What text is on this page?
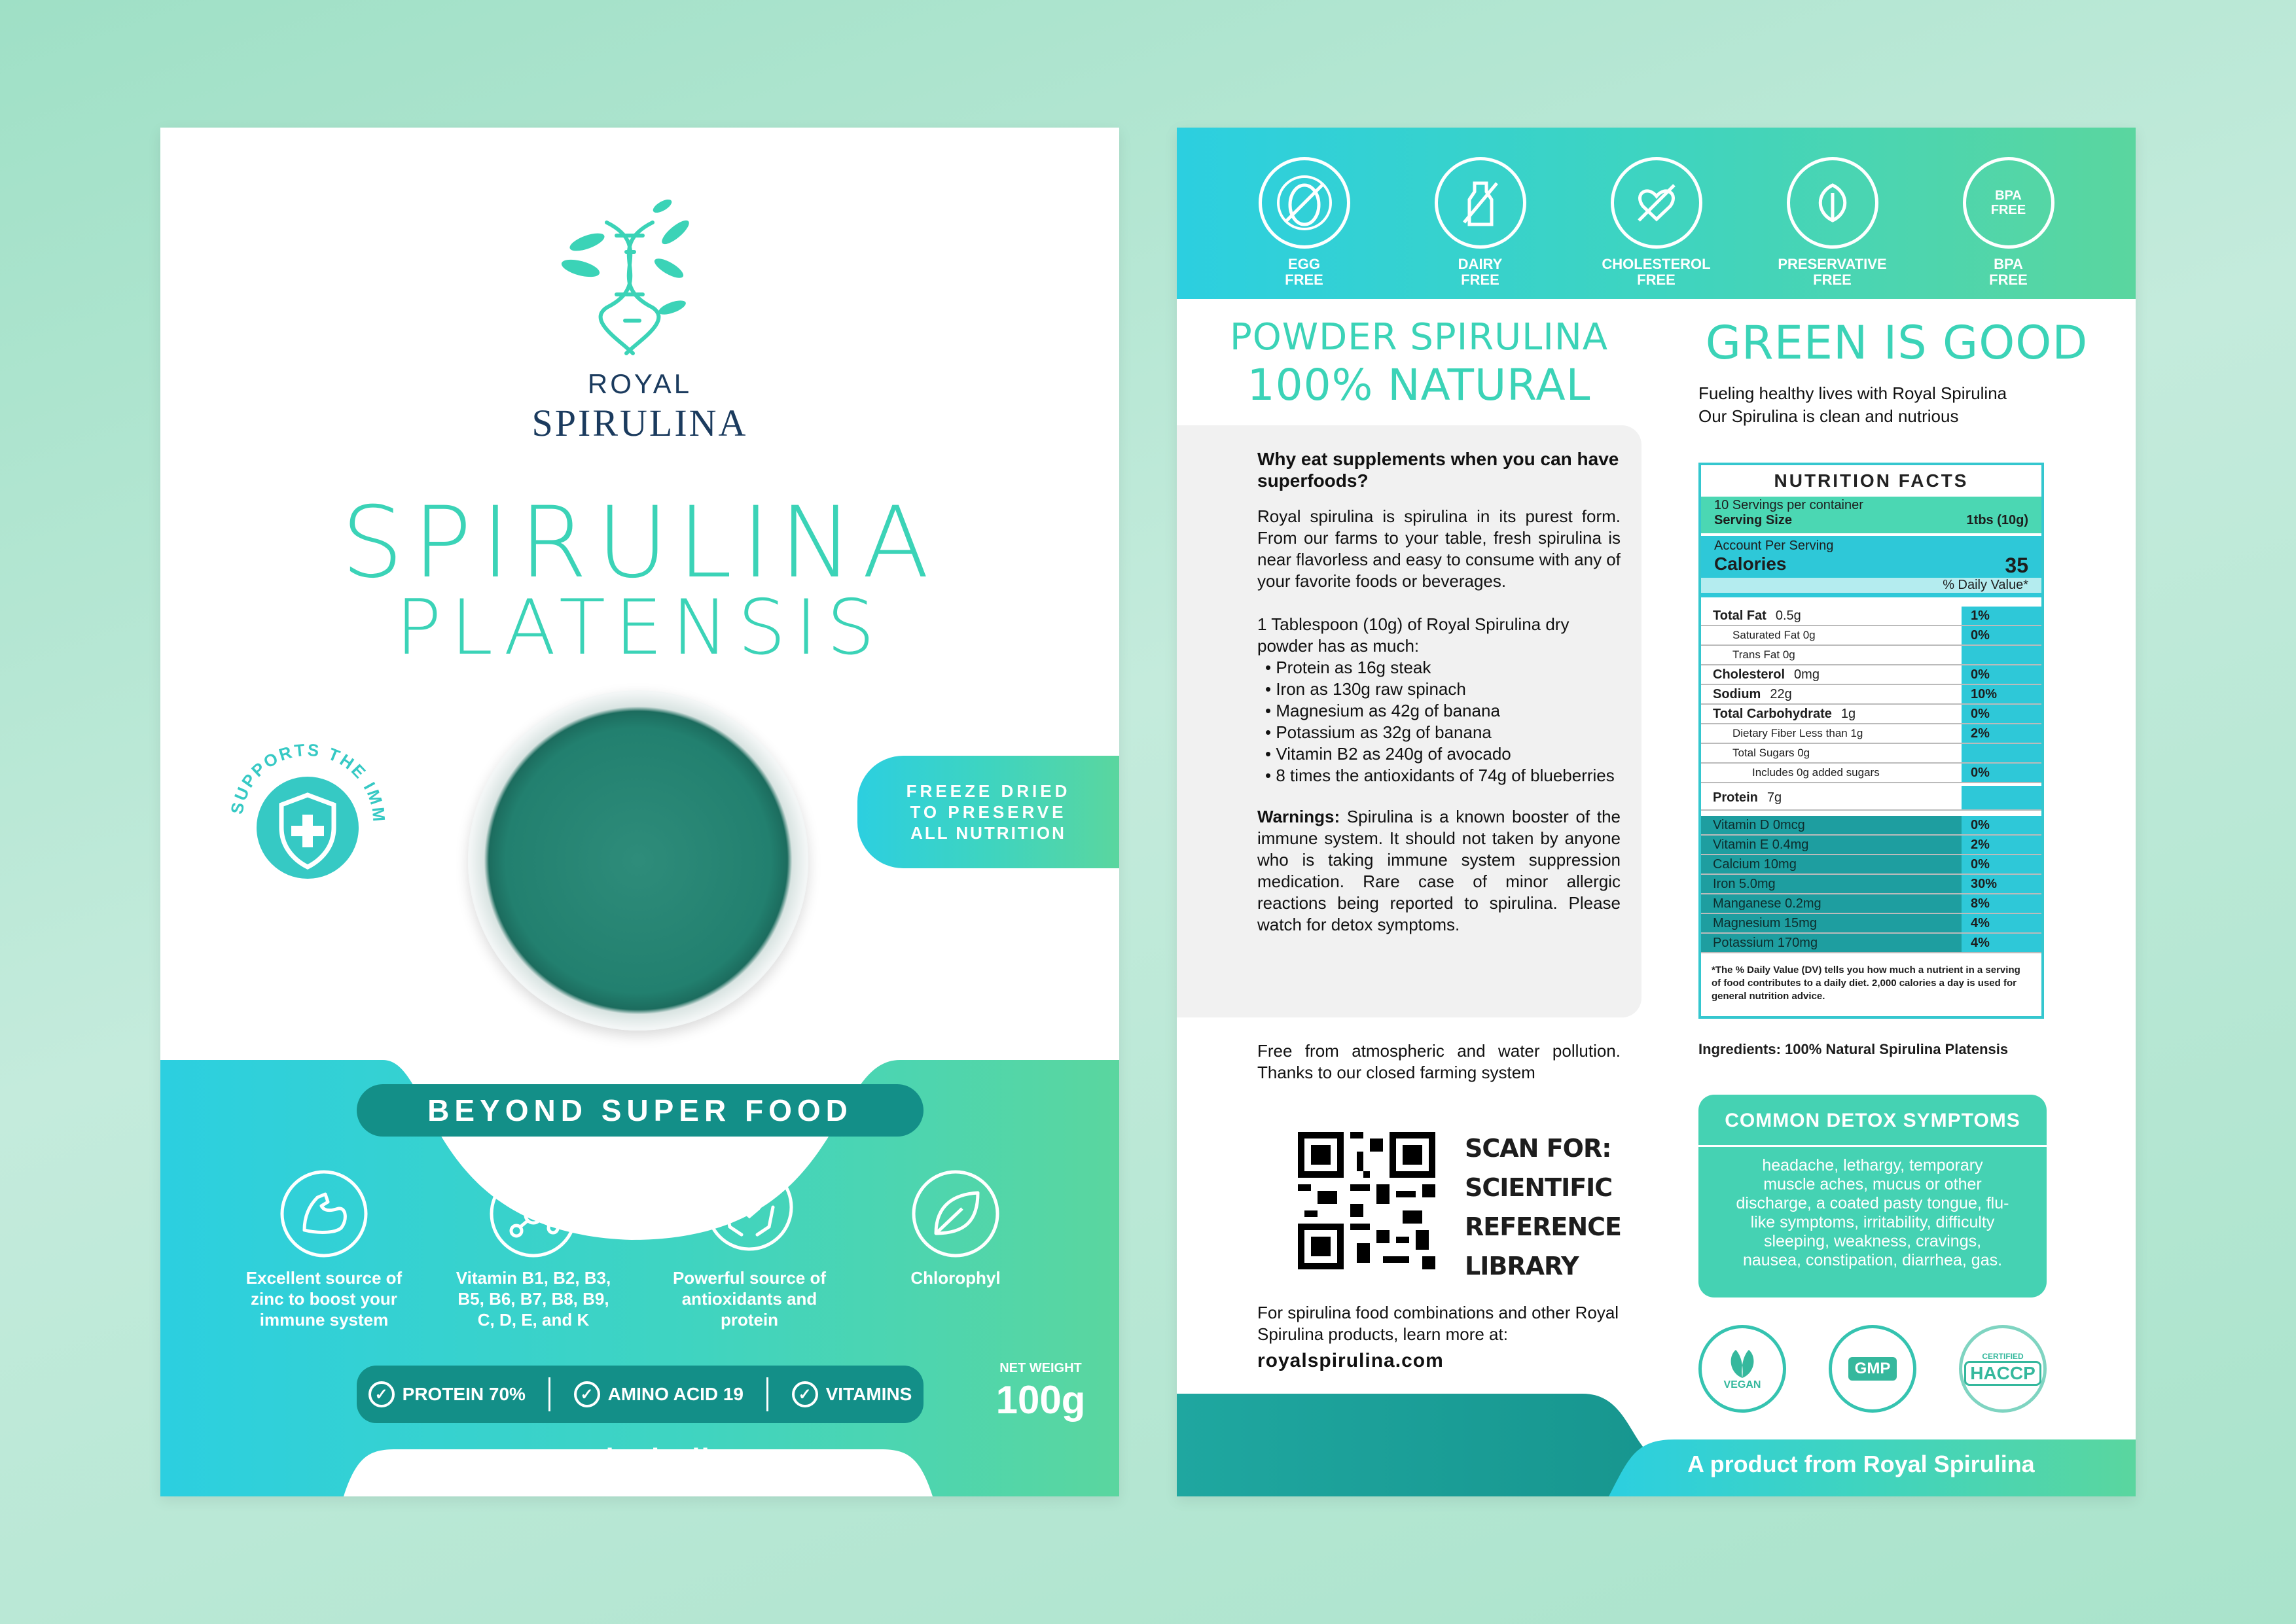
ROYAL
SPIRULINA
SPIRULINA
PLATENSIS
SUPPORTS THE IMM
FREEZE DRIED
TO PRESERVE
ALL NUTRITION
BEYOND SUPER FOOD
Excellent source of
zinc to boost your
immune system
Vitamin B1, B2, B3,
B5, B6, B7, B8, B9,
C, D, E, and K
Powerful source of
antioxidants and
protein
Chlorophyl
✓ PROTEIN 70%	✓ AMINO ACID 19	✓ VITAMINS
NET WEIGHT
100g
www.royalspirulina.com
EGG
FREE
DAIRY
FREE
CHOLESTEROL
FREE
PRESERVATIVE
FREE
BPA FREE
BPA
FREE
POWDER SPIRULINA
100% NATURAL
Why eat supplements when you can have superfoods?
Royal spirulina is spirulina in its purest form. From our farms to your table, fresh spirulina is near flavorless and easy to consume with any of your favorite foods or beverages.
1 Tablespoon (10g) of Royal Spirulina dry powder has as much:
• Protein as 16g steak
• Iron as 130g raw spinach
• Magnesium as 42g of banana
• Potassium as 32g of banana
• Vitamin B2 as 240g of avocado
• 8 times the antioxidants of 74g of blueberries
Warnings: Spirulina is a known booster of the immune system. It should not taken by anyone who is taking immune system suppression medication. Rare case of minor allergic reactions being reported to spirulina. Please watch for detox symptoms.
Free from atmospheric and water pollution. Thanks to our closed farming system
SCAN FOR:
SCIENTIFIC
REFERENCE
LIBRARY
For spirulina food combinations and other Royal Spirulina products, learn more at:
royalspirulina.com
A product from Royal Spirulina
GREEN IS GOOD
Fueling healthy lives with Royal Spirulina
Our Spirulina is clean and nutrious
NUTRITION FACTS
10 Servings per container
Serving Size	1tbs (10g)
Account Per Serving
Calories	35
% Daily Value*
Total Fat 0.5g	1%
Saturated Fat 0g	0%
Trans Fat 0g
Cholesterol 0mg	0%
Sodium 22g	10%
Total Carbohydrate 1g	0%
Dietary Fiber Less than 1g	2%
Total Sugars 0g
Includes 0g added sugars	0%
Protein 7g
Vitamin D 0mcg	0%
Vitamin E 0.4mg	2%
Calcium 10mg	0%
Iron 5.0mg	30%
Manganese 0.2mg	8%
Magnesium 15mg	4%
Potassium 170mg	4%
*The % Daily Value (DV) tells you how much a nutrient in a serving of food contributes to a daily diet. 2,000 calories a day is used for general nutrition advice.
Ingredients: 100% Natural Spirulina Platensis
COMMON DETOX SYMPTOMS
headache, lethargy, temporary
muscle aches, mucus or other
discharge, a coated pasty tongue, flu-
like symptoms, irritability, difficulty
sleeping, weakness, cravings,
nausea, constipation, diarrhea, gas.
VEGAN
GMP
CERTIFIED
HACCP
